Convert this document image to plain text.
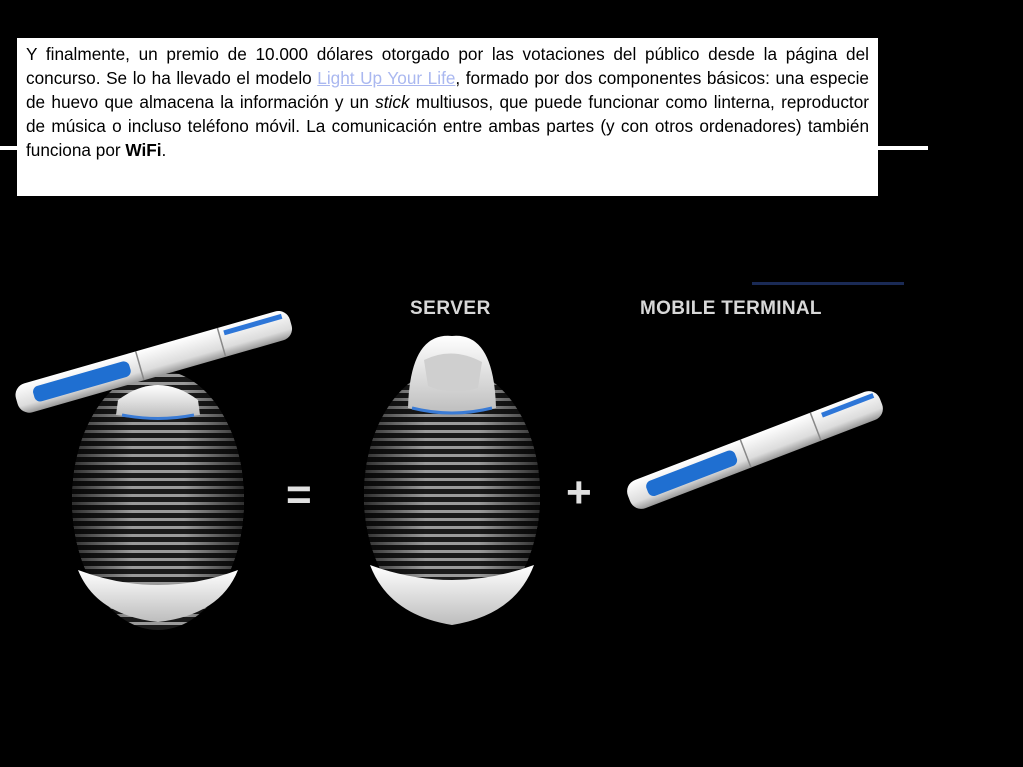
Y finalmente, un premio de 10.000 dólares otorgado por las votaciones del público desde la página del concurso. Se lo ha llevado el modelo Light Up Your Life, formado por dos componentes básicos: una especie de huevo que almacena la información y un stick multiusos, que puede funcionar como linterna, reproductor de música o incluso teléfono móvil. La comunicación entre ambas partes (y con otros ordenadores) también funciona por WiFi.

SERVER	MOBILE TERMINAL
=	+
